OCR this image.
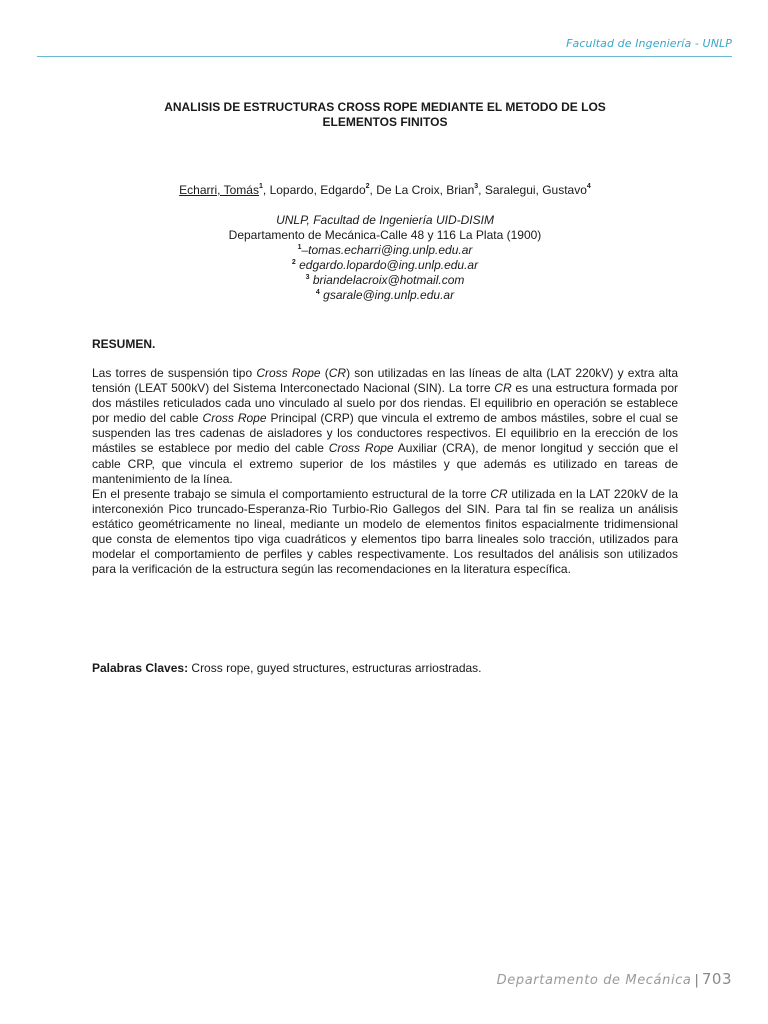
Facultad de Ingeniería - UNLP
ANALISIS DE ESTRUCTURAS CROSS ROPE MEDIANTE EL METODO DE LOS
ELEMENTOS FINITOS
Echarri, Tomás$^1$, Lopardo, Edgardo$^2$, De La Croix, Brian$^3$, Saralegui, Gustavo$^4$
UNLP, Facultad de Ingeniería UID-DISIM
Departamento de Mecánica-Calle 48 y 116 La Plata (1900)
$^1$–tomas.echarri@ing.unlp.edu.ar
$^2$ edgardo.lopardo@ing.unlp.edu.ar
$^3$ briandelacroix@hotmail.com
$^4$ gsarale@ing.unlp.edu.ar
RESUMEN.

Las torres de suspensión tipo Cross Rope (CR) son utilizadas en las líneas de alta (LAT 220kV) y extra alta tensión (LEAT 500kV) del Sistema Interconectado Nacional (SIN). La torre CR es una estructura formada por dos mástiles reticulados cada uno vinculado al suelo por dos riendas. El equilibrio en operación se establece por medio del cable Cross Rope Principal (CRP) que vincula el extremo de ambos mástiles, sobre el cual se suspenden las tres cadenas de aisladores y los conductores respectivos. El equilibrio en la erección de los mástiles se establece por medio del cable Cross Rope Auxiliar (CRA), de menor longitud y sección que el cable CRP, que vincula el extremo superior de los mástiles y que además es utilizado en tareas de mantenimiento de la línea.

En el presente trabajo se simula el comportamiento estructural de la torre CR utilizada en la LAT 220kV de la interconexión Pico truncado-Esperanza-Rio Turbio-Rio Gallegos del SIN. Para tal fin se realiza un análisis estático geométricamente no lineal, mediante un modelo de elementos finitos espacialmente tridimensional que consta de elementos tipo viga cuadráticos y elementos tipo barra lineales solo tracción, utilizados para modelar el comportamiento de perfiles y cables respectivamente. Los resultados del análisis son utilizados para la verificación de la estructura según las recomendaciones en la literatura específica.

Palabras Claves: Cross rope, guyed structures, estructuras arriostradas.
Departamento de Mecánica | 703
